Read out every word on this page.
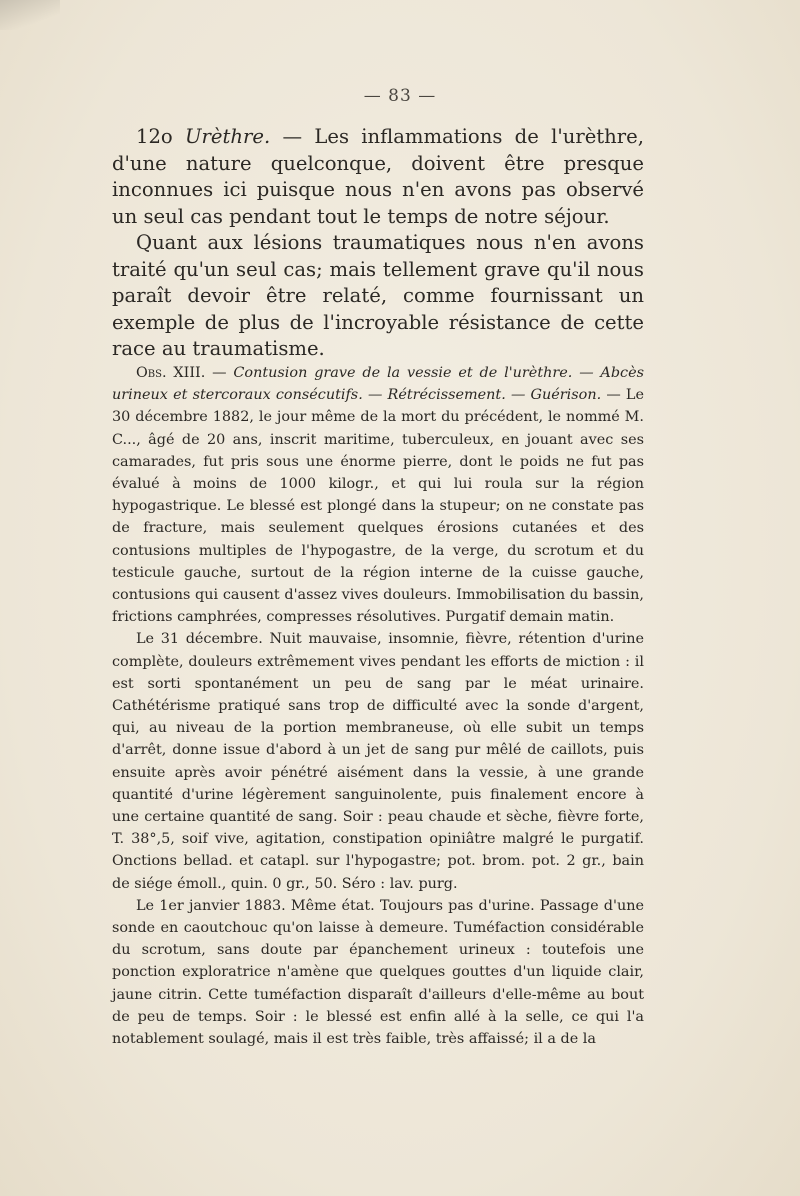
— 83 —

12o Urèthre. — Les inflammations de l'urèthre, d'une nature quelconque, doivent être presque inconnues ici puisque nous n'en avons pas observé un seul cas pendant tout le temps de notre séjour.

Quant aux lésions traumatiques nous n'en avons traité qu'un seul cas; mais tellement grave qu'il nous paraît devoir être relaté, comme fournissant un exemple de plus de l'incroyable résistance de cette race au traumatisme.

Obs. XIII. — Contusion grave de la vessie et de l'urèthre. — Abcès urineux et stercoraux consécutifs. — Rétrécissement. — Guérison. — Le 30 décembre 1882, le jour même de la mort du précédent, le nommé M. C..., âgé de 20 ans, inscrit maritime, tuberculeux, en jouant avec ses camarades, fut pris sous une énorme pierre, dont le poids ne fut pas évalué à moins de 1000 kilogr., et qui lui roula sur la région hypogastrique. Le blessé est plongé dans la stupeur; on ne constate pas de fracture, mais seulement quelques érosions cutanées et des contusions multiples de l'hypogastre, de la verge, du scrotum et du testicule gauche, surtout de la région interne de la cuisse gauche, contusions qui causent d'assez vives douleurs. Immobilisation du bassin, frictions camphrées, compresses résolutives. Purgatif demain matin.

Le 31 décembre. Nuit mauvaise, insomnie, fièvre, rétention d'urine complète, douleurs extrêmement vives pendant les efforts de miction : il est sorti spontanément un peu de sang par le méat urinaire. Cathétérisme pratiqué sans trop de difficulté avec la sonde d'argent, qui, au niveau de la portion membraneuse, où elle subit un temps d'arrêt, donne issue d'abord à un jet de sang pur mêlé de caillots, puis ensuite après avoir pénétré aisément dans la vessie, à une grande quantité d'urine légèrement sanguinolente, puis finalement encore à une certaine quantité de sang. Soir : peau chaude et sèche, fièvre forte, T. 38°,5, soif vive, agitation, constipation opiniâtre malgré le purgatif. Onctions bellad. et catapl. sur l'hypogastre; pot. brom. pot. 2 gr., bain de siége émoll., quin. 0 gr., 50. Séro : lav. purg.

Le 1er janvier 1883. Même état. Toujours pas d'urine. Passage d'une sonde en caoutchouc qu'on laisse à demeure. Tuméfaction considérable du scrotum, sans doute par épanchement urineux : toutefois une ponction exploratrice n'amène que quelques gouttes d'un liquide clair, jaune citrin. Cette tuméfaction disparaît d'ailleurs d'elle-même au bout de peu de temps. Soir : le blessé est enfin allé à la selle, ce qui l'a notablement soulagé, mais il est très faible, très affaissé; il a de la
